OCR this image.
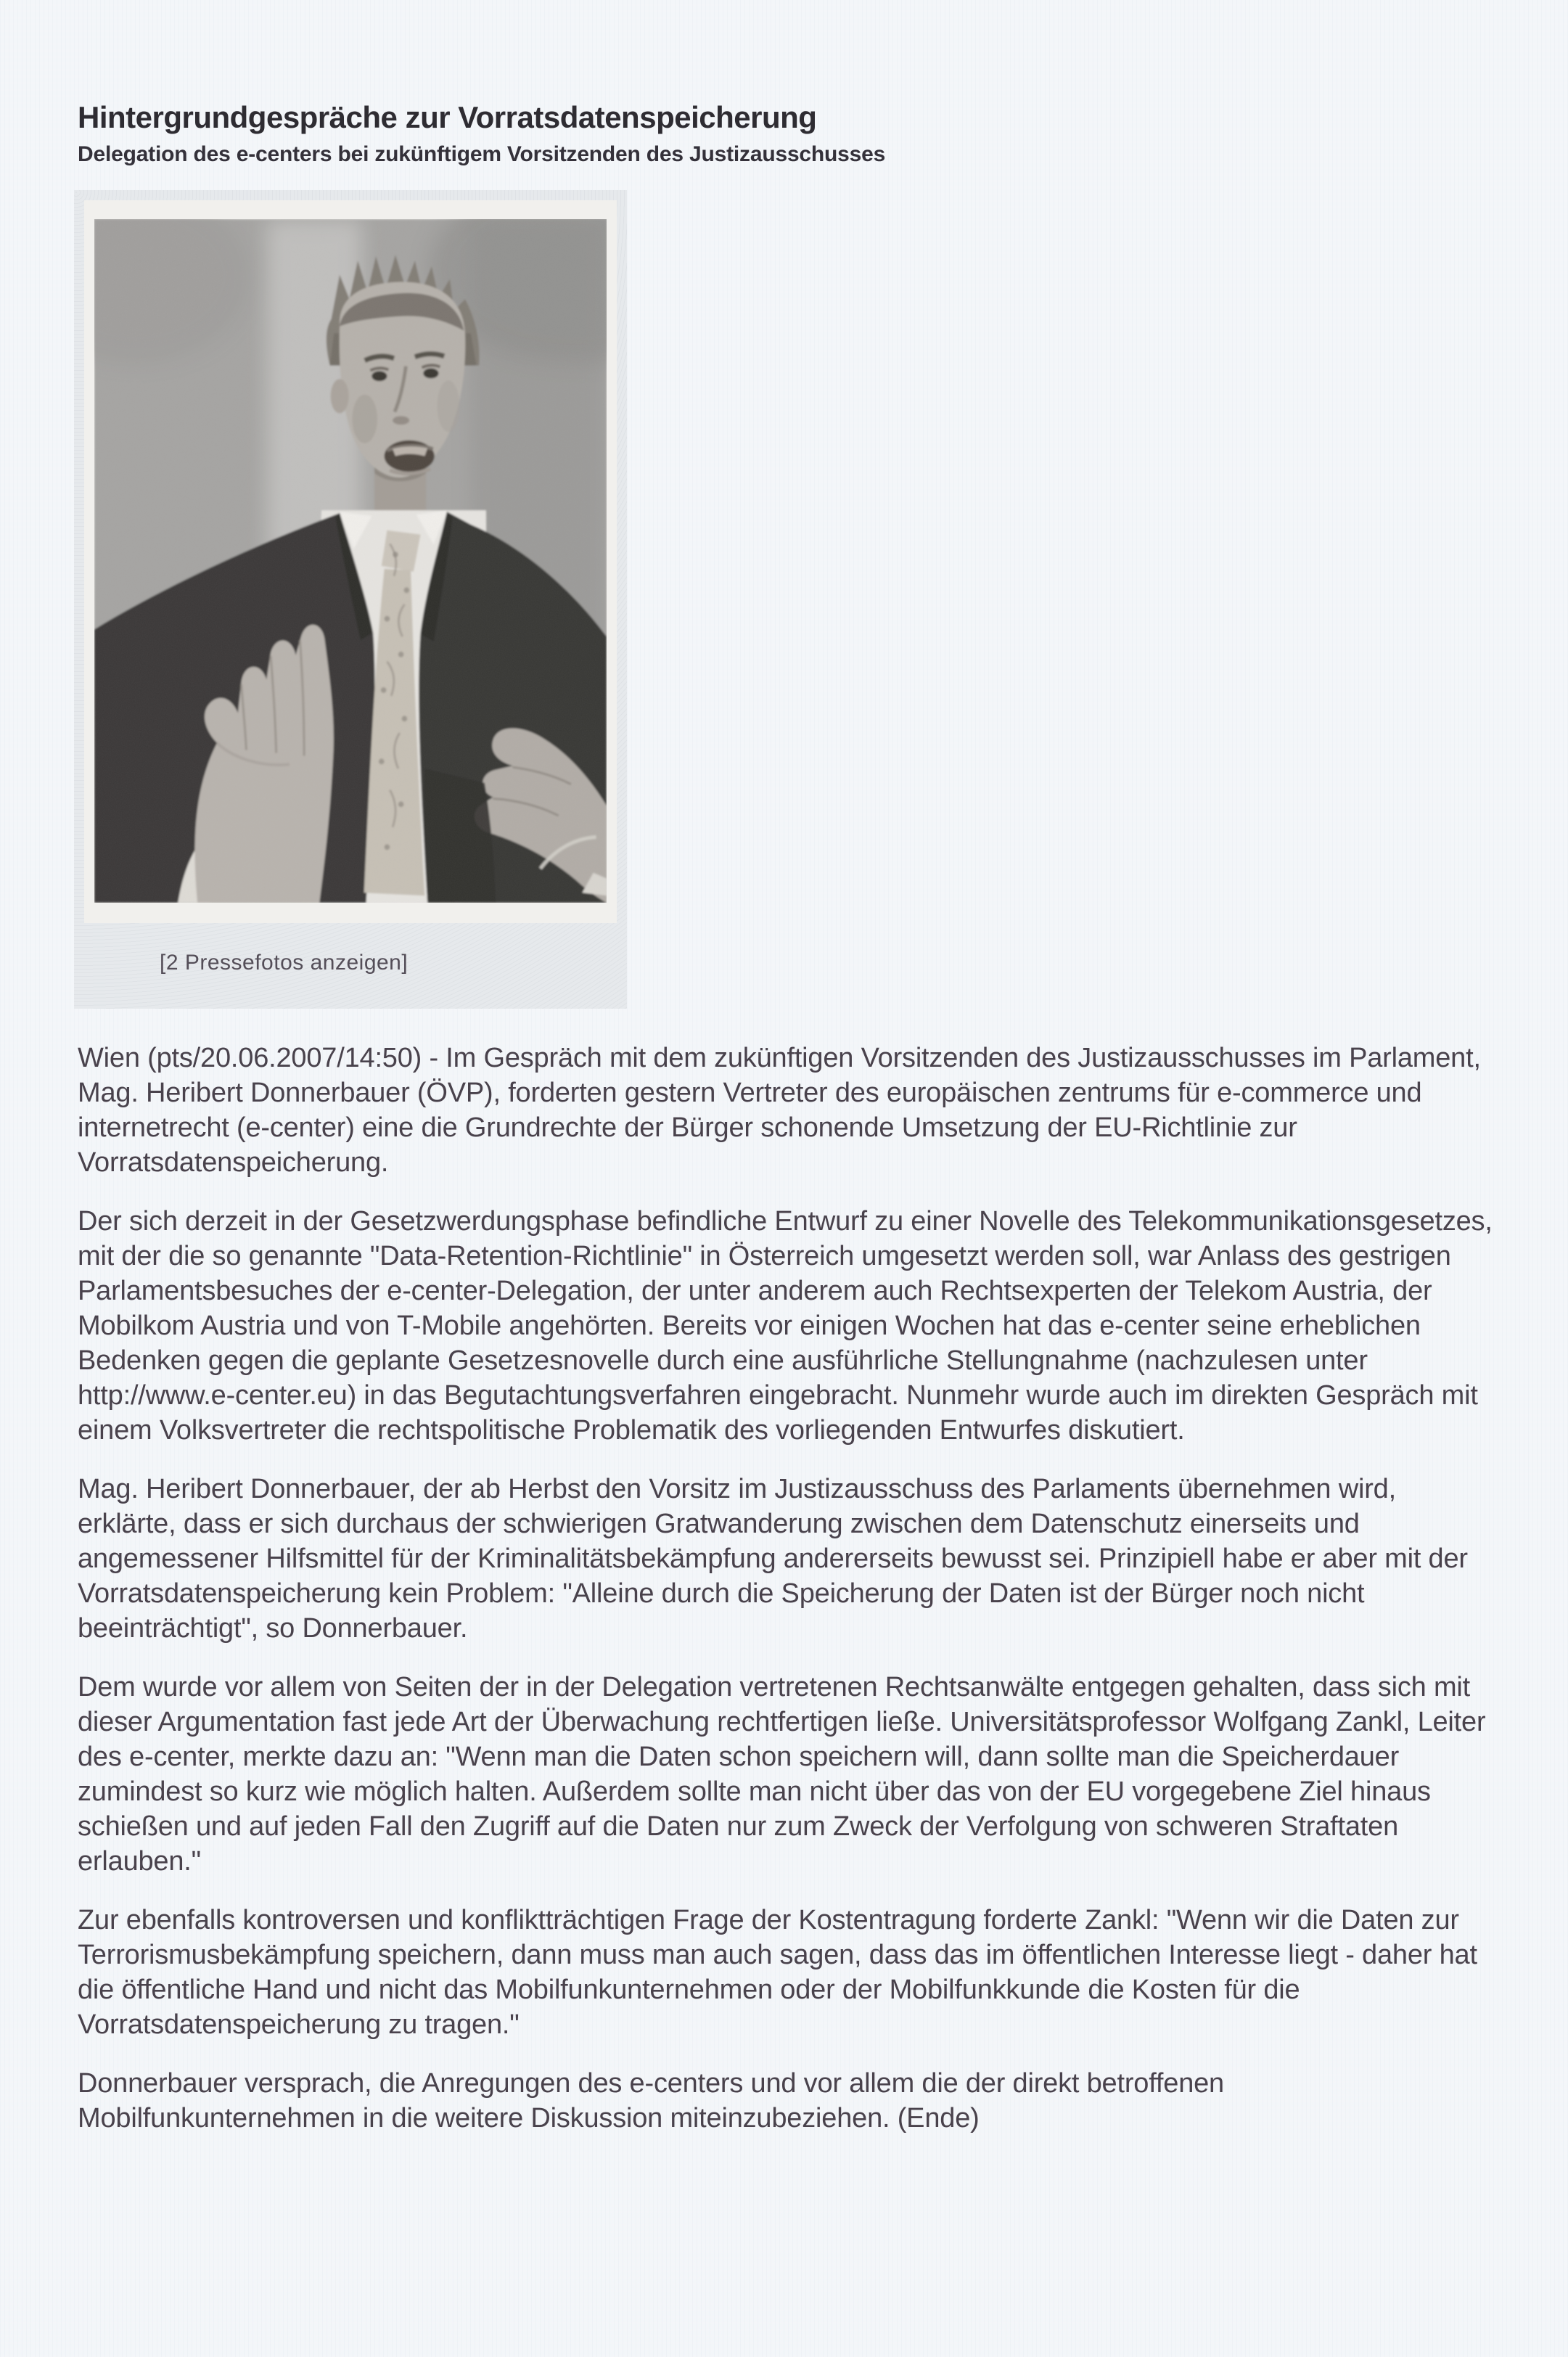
Hintergrundgespräche zur Vorratsdatenspeicherung
Delegation des e-centers bei zukünftigem Vorsitzenden des Justizausschusses
[2 Pressefotos anzeigen]

Wien (pts/20.06.2007/14:50) - Im Gespräch mit dem zukünftigen Vorsitzenden des Justizausschusses im Parlament, Mag. Heribert Donnerbauer (ÖVP), forderten gestern Vertreter des europäischen zentrums für e-commerce und internetrecht (e-center) eine die Grundrechte der Bürger schonende Umsetzung der EU-Richtlinie zur Vorratsdatenspeicherung.

Der sich derzeit in der Gesetzwerdungsphase befindliche Entwurf zu einer Novelle des Telekommunikationsgesetzes, mit der die so genannte "Data-Retention-Richtlinie" in Österreich umgesetzt werden soll, war Anlass des gestrigen Parlamentsbesuches der e-center-Delegation, der unter anderem auch Rechtsexperten der Telekom Austria, der Mobilkom Austria und von T-Mobile angehörten. Bereits vor einigen Wochen hat das e-center seine erheblichen Bedenken gegen die geplante Gesetzesnovelle durch eine ausführliche Stellungnahme (nachzulesen unter http://www.e-center.eu) in das Begutachtungsverfahren eingebracht. Nunmehr wurde auch im direkten Gespräch mit einem Volksvertreter die rechtspolitische Problematik des vorliegenden Entwurfes diskutiert.

Mag. Heribert Donnerbauer, der ab Herbst den Vorsitz im Justizausschuss des Parlaments übernehmen wird, erklärte, dass er sich durchaus der schwierigen Gratwanderung zwischen dem Datenschutz einerseits und angemessener Hilfsmittel für der Kriminalitätsbekämpfung andererseits bewusst sei. Prinzipiell habe er aber mit der Vorratsdatenspeicherung kein Problem: "Alleine durch die Speicherung der Daten ist der Bürger noch nicht beeinträchtigt", so Donnerbauer.

Dem wurde vor allem von Seiten der in der Delegation vertretenen Rechtsanwälte entgegen gehalten, dass sich mit dieser Argumentation fast jede Art der Überwachung rechtfertigen ließe. Universitätsprofessor Wolfgang Zankl, Leiter des e-center, merkte dazu an: "Wenn man die Daten schon speichern will, dann sollte man die Speicherdauer zumindest so kurz wie möglich halten. Außerdem sollte man nicht über das von der EU vorgegebene Ziel hinaus schießen und auf jeden Fall den Zugriff auf die Daten nur zum Zweck der Verfolgung von schweren Straftaten erlauben."

Zur ebenfalls kontroversen und konfliktträchtigen Frage der Kostentragung forderte Zankl: "Wenn wir die Daten zur Terrorismusbekämpfung speichern, dann muss man auch sagen, dass das im öffentlichen Interesse liegt - daher hat die öffentliche Hand und nicht das Mobilfunkunternehmen oder der Mobilfunkkunde die Kosten für die Vorratsdatenspeicherung zu tragen."

Donnerbauer versprach, die Anregungen des e-centers und vor allem die der direkt betroffenen Mobilfunkunternehmen in die weitere Diskussion miteinzubeziehen. (Ende)
